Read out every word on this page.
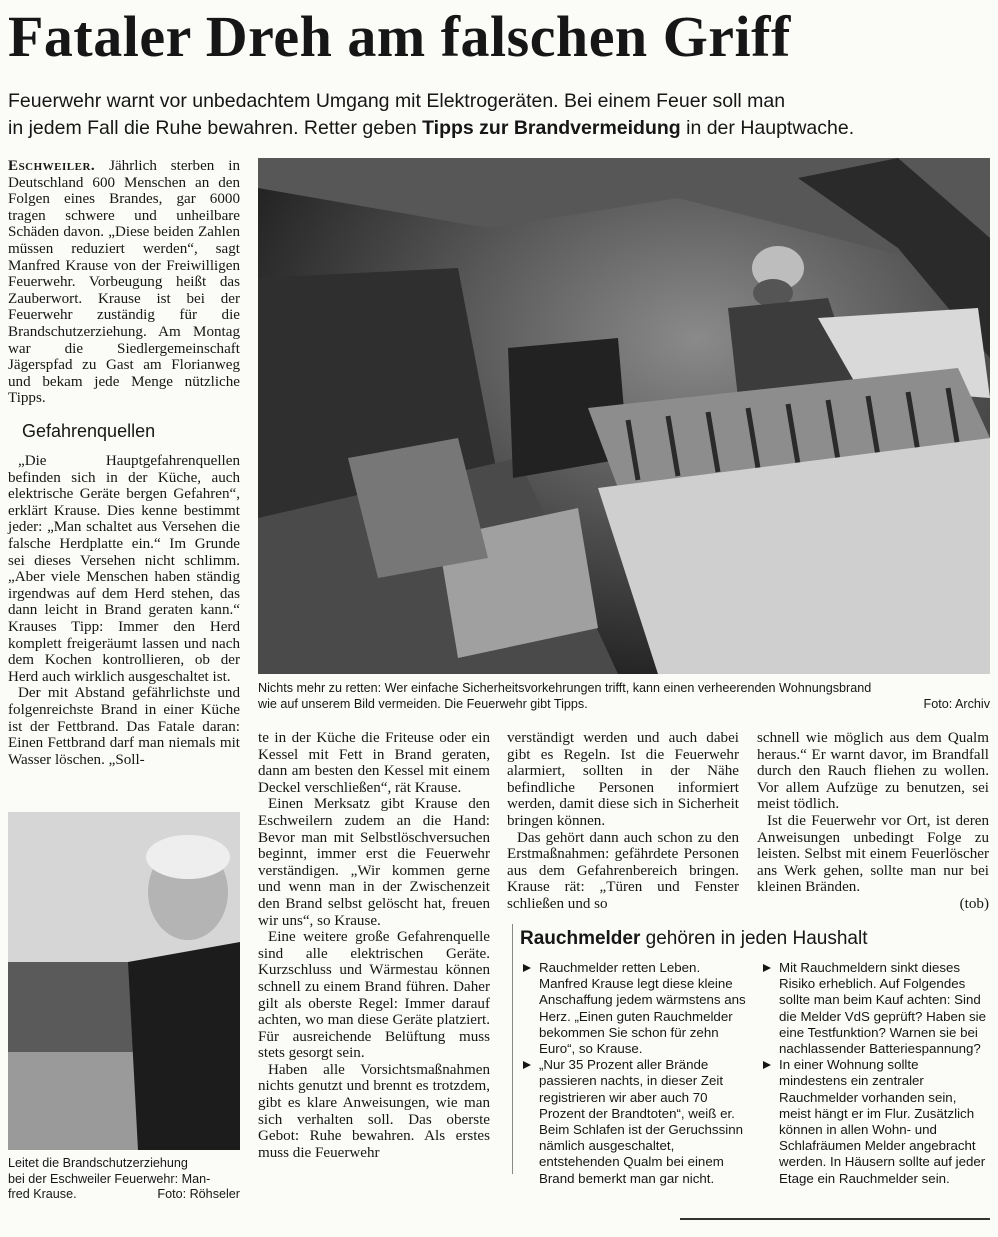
Fataler Dreh am falschen Griff
Feuerwehr warnt vor unbedachtem Umgang mit Elektrogeräten. Bei einem Feuer soll man
in jedem Fall die Ruhe bewahren. Retter geben Tipps zur Brandvermeidung in der Hauptwache.

Eschweiler. Jährlich sterben in Deutschland 600 Menschen an den Folgen eines Brandes, gar 6000 tragen schwere und unheilbare Schäden davon. „Diese beiden Zahlen müssen reduziert werden“, sagt Manfred Krause von der Freiwilligen Feuerwehr. Vorbeugung heißt das Zauberwort. Krause ist bei der Feuerwehr zuständig für die Brandschutzerziehung. Am Montag war die Siedlergemeinschaft Jägerspfad zu Gast am Florianweg und bekam jede Menge nützliche Tipps.

Gefahrenquellen

„Die Hauptgefahrenquellen befinden sich in der Küche, auch elektrische Geräte bergen Gefahren“, erklärt Krause. Dies kenne bestimmt jeder: „Man schaltet aus Versehen die falsche Herdplatte ein.“ Im Grunde sei dieses Versehen nicht schlimm. „Aber viele Menschen haben ständig irgendwas auf dem Herd stehen, das dann leicht in Brand geraten kann.“ Krauses Tipp: Immer den Herd komplett freigeräumt lassen und nach dem Kochen kontrollieren, ob der Herd auch wirklich ausgeschaltet ist.

Der mit Abstand gefährlichste und folgenreichste Brand in einer Küche ist der Fettbrand. Das Fatale daran: Einen Fettbrand darf man niemals mit Wasser löschen. „Soll-

Nichts mehr zu retten: Wer einfache Sicherheitsvorkehrungen trifft, kann einen verheerenden Wohnungsbrand
wie auf unserem Bild vermeiden. Die Feuerwehr gibt Tipps.	Foto: Archiv
Leitet die Brandschutzerziehung
bei der Eschweiler Feuerwehr: Man-
fred Krause.	Foto: Röhseler

te in der Küche die Friteuse oder ein Kessel mit Fett in Brand geraten, dann am besten den Kessel mit einem Deckel verschließen“, rät Krause.

Einen Merksatz gibt Krause den Eschweilern zudem an die Hand: Bevor man mit Selbstlöschversuchen beginnt, immer erst die Feuerwehr verständigen. „Wir kommen gerne und wenn man in der Zwischenzeit den Brand selbst gelöscht hat, freuen wir uns“, so Krause.

Eine weitere große Gefahrenquelle sind alle elektrischen Geräte. Kurzschluss und Wärmestau können schnell zu einem Brand führen. Daher gilt als oberste Regel: Immer darauf achten, wo man diese Geräte platziert. Für ausreichende Belüftung muss stets gesorgt sein.

Haben alle Vorsichtsmaßnahmen nichts genutzt und brennt es trotzdem, gibt es klare Anweisungen, wie man sich verhalten soll. Das oberste Gebot: Ruhe bewahren. Als erstes muss die Feuerwehr

verständigt werden und auch dabei gibt es Regeln. Ist die Feuerwehr alarmiert, sollten in der Nähe befindliche Personen informiert werden, damit diese sich in Sicherheit bringen können.

Das gehört dann auch schon zu den Erstmaßnahmen: gefährdete Personen aus dem Gefahrenbereich bringen. Krause rät: „Türen und Fenster schließen und so

schnell wie möglich aus dem Qualm heraus.“ Er warnt davor, im Brandfall durch den Rauch fliehen zu wollen. Vor allem Aufzüge zu benutzen, sei meist tödlich.

Ist die Feuerwehr vor Ort, ist deren Anweisungen unbedingt Folge zu leisten. Selbst mit einem Feuerlöscher ans Werk gehen, sollte man nur bei kleinen Bränden.

(tob)
Rauchmelder gehören in jeden Haushalt
Rauchmelder retten Leben. Manfred Krause legt diese kleine Anschaffung jedem wärmstens ans Herz. „Einen guten Rauchmelder bekommen Sie schon für zehn Euro“, so Krause.
„Nur 35 Prozent aller Brände passieren nachts, in dieser Zeit registrieren wir aber auch 70 Prozent der Brandtoten“, weiß er. Beim Schlafen ist der Geruchssinn nämlich ausgeschaltet, entstehenden Qualm bei einem Brand bemerkt man gar nicht.
Mit Rauchmeldern sinkt dieses Risiko erheblich. Auf Folgendes sollte man beim Kauf achten: Sind die Melder VdS geprüft? Haben sie eine Testfunktion? Warnen sie bei nachlassender Batteriespannung?
In einer Wohnung sollte mindestens ein zentraler Rauchmelder vorhanden sein, meist hängt er im Flur. Zusätzlich können in allen Wohn- und Schlafräumen Melder angebracht werden. In Häusern sollte auf jeder Etage ein Rauchmelder sein.
